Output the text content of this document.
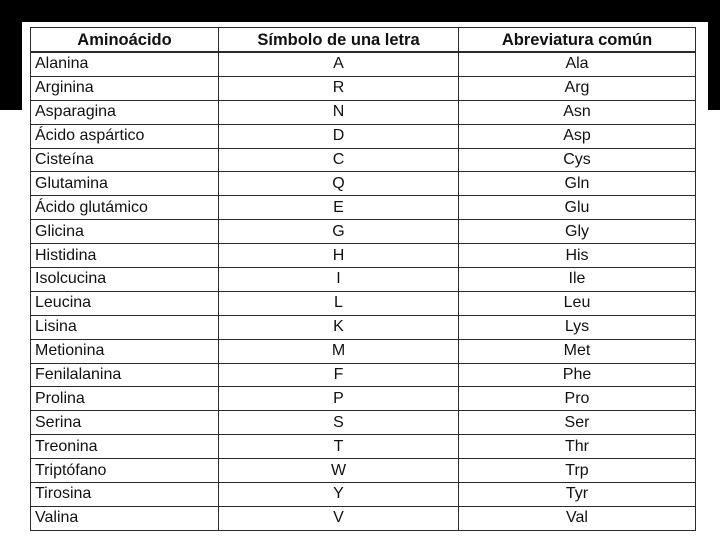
Aminoácido	Símbolo de una letra	Abreviatura común
Alanina	A	Ala
Arginina	R	Arg
Asparagina	N	Asn
Ácido aspártico	D	Asp
Cisteína	C	Cys
Glutamina	Q	Gln
Ácido glutámico	E	Glu
Glicina	G	Gly
Histidina	H	His
Isolcucina	I	Ile
Leucina	L	Leu
Lisina	K	Lys
Metionina	M	Met
Fenilalanina	F	Phe
Prolina	P	Pro
Serina	S	Ser
Treonina	T	Thr
Triptófano	W	Trp
Tirosina	Y	Tyr
Valina	V	Val
